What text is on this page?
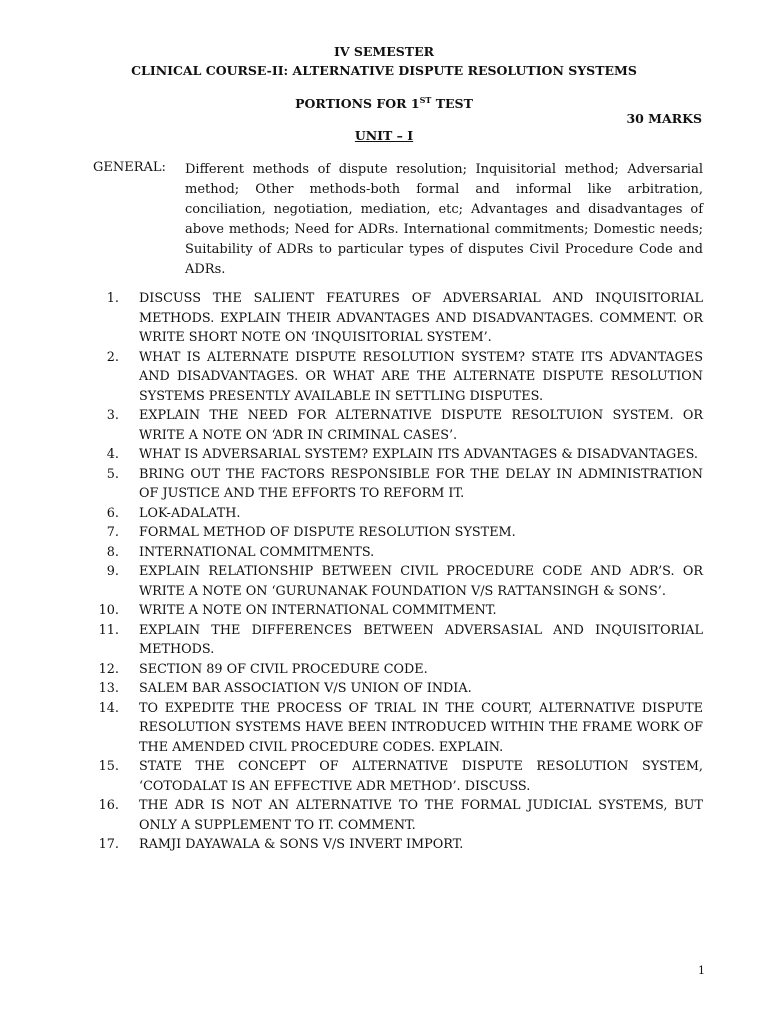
IV SEMESTER
CLINICAL COURSE-II: ALTERNATIVE DISPUTE RESOLUTION SYSTEMS
PORTIONS FOR 1ST TEST
30 MARKS
UNIT – I
GENERAL: Different methods of dispute resolution; Inquisitorial method; Adversarial method; Other methods-both formal and informal like arbitration, conciliation, negotiation, mediation, etc; Advantages and disadvantages of above methods; Need for ADRs. International commitments; Domestic needs; Suitability of ADRs to particular types of disputes Civil Procedure Code and ADRs.
1. DISCUSS THE SALIENT FEATURES OF ADVERSARIAL AND INQUISITORIAL METHODS. EXPLAIN THEIR ADVANTAGES AND DISADVANTAGES. COMMENT. OR WRITE SHORT NOTE ON ‘INQUISITORIAL SYSTEM’.
2. WHAT IS ALTERNATE DISPUTE RESOLUTION SYSTEM? STATE ITS ADVANTAGES AND DISADVANTAGES. OR WHAT ARE THE ALTERNATE DISPUTE RESOLUTION SYSTEMS PRESENTLY AVAILABLE IN SETTLING DISPUTES.
3. EXPLAIN THE NEED FOR ALTERNATIVE DISPUTE RESOLTUION SYSTEM. OR WRITE A NOTE ON ‘ADR IN CRIMINAL CASES’.
4. WHAT IS ADVERSARIAL SYSTEM? EXPLAIN ITS ADVANTAGES & DISADVANTAGES.
5. BRING OUT THE FACTORS RESPONSIBLE FOR THE DELAY IN ADMINISTRATION OF JUSTICE AND THE EFFORTS TO REFORM IT.
6. LOK-ADALATH.
7. FORMAL METHOD OF DISPUTE RESOLUTION SYSTEM.
8. INTERNATIONAL COMMITMENTS.
9. EXPLAIN RELATIONSHIP BETWEEN CIVIL PROCEDURE CODE AND ADR’S. OR WRITE A NOTE ON ‘GURUNANAK FOUNDATION V/S RATTANSINGH & SONS’.
10. WRITE A NOTE ON INTERNATIONAL COMMITMENT.
11. EXPLAIN THE DIFFERENCES BETWEEN ADVERSASIAL AND INQUISITORIAL METHODS.
12. SECTION 89 OF CIVIL PROCEDURE CODE.
13. SALEM BAR ASSOCIATION V/S UNION OF INDIA.
14. TO EXPEDITE THE PROCESS OF TRIAL IN THE COURT, ALTERNATIVE DISPUTE RESOLUTION SYSTEMS HAVE BEEN INTRODUCED WITHIN THE FRAME WORK OF THE AMENDED CIVIL PROCEDURE CODES. EXPLAIN.
15. STATE THE CONCEPT OF ALTERNATIVE DISPUTE RESOLUTION SYSTEM, ‘COTODALAT IS AN EFFECTIVE ADR METHOD’. DISCUSS.
16. THE ADR IS NOT AN ALTERNATIVE TO THE FORMAL JUDICIAL SYSTEMS, BUT ONLY A SUPPLEMENT TO IT. COMMENT.
17. RAMJI DAYAWALA & SONS V/S INVERT IMPORT.
1
